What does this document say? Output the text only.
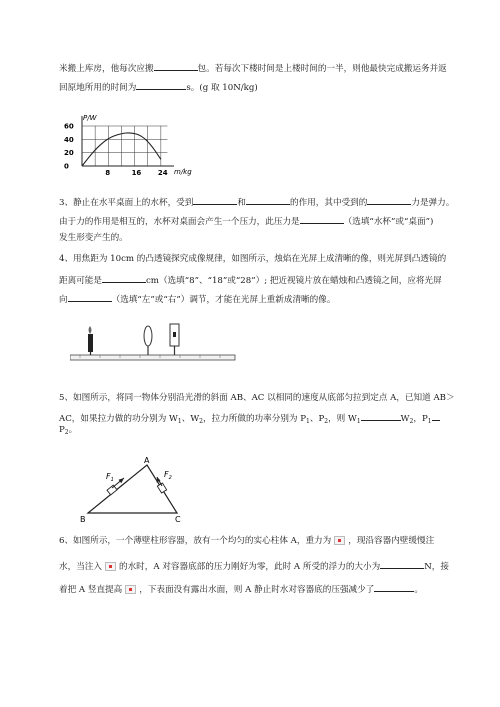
米搬上库房，他每次应搬	包。若每次下楼时间是上楼时间的一半，则他最快完成搬运务并返
回原地所用的时间为	s。(g 取 10N/kg)
P/W
m/kg
60
40
20
0
8	16 24
3、静止在水平桌面上的水杯，受到	和	的作用，其中受到的	力是弹力。
由于力的作用是相互的，水杯对桌面会产生一个压力，此压力是	（选填“水杯”或“桌面”)
发生形变产生的。
4、用焦距为 10cm 的凸透镜探究成像规律，如图所示，烛焰在光屏上成清晰的像，则光屏到凸透镜的
距离可能是	cm（选填“8”、“18”或“28”）; 把近视镜片放在蜡烛和凸透镜之间，应将光屏
向	（选填“左”或“右”）调节，才能在光屏上重新成清晰的像。
5、如图所示，将同一物体分别沿光滑的斜面 AB、AC 以相同的速度从底部匀拉到定点 A，已知道 AB＞
AC，如果拉力做的功分别为 $W_1$、$W_2$，拉力所做的功率分别为 $P_1$、$P_2$，则 $W_1$	$W_2$，$P_1$
$P_2$。
A
B	C
$F_1$
$F_2$
6、如图所示，一个薄壁柱形容器，放有一个均匀的实心柱体 A，重力为 ，现沿容器内壁缓慢注
水，当注入 的水时，A 对容器底部的压力刚好为零，此时 A 所受的浮力的大小为	N，接
着把 A 竖直提高 ，下表面没有露出水面，则 A 静止时水对容器底的压强减少了	。
